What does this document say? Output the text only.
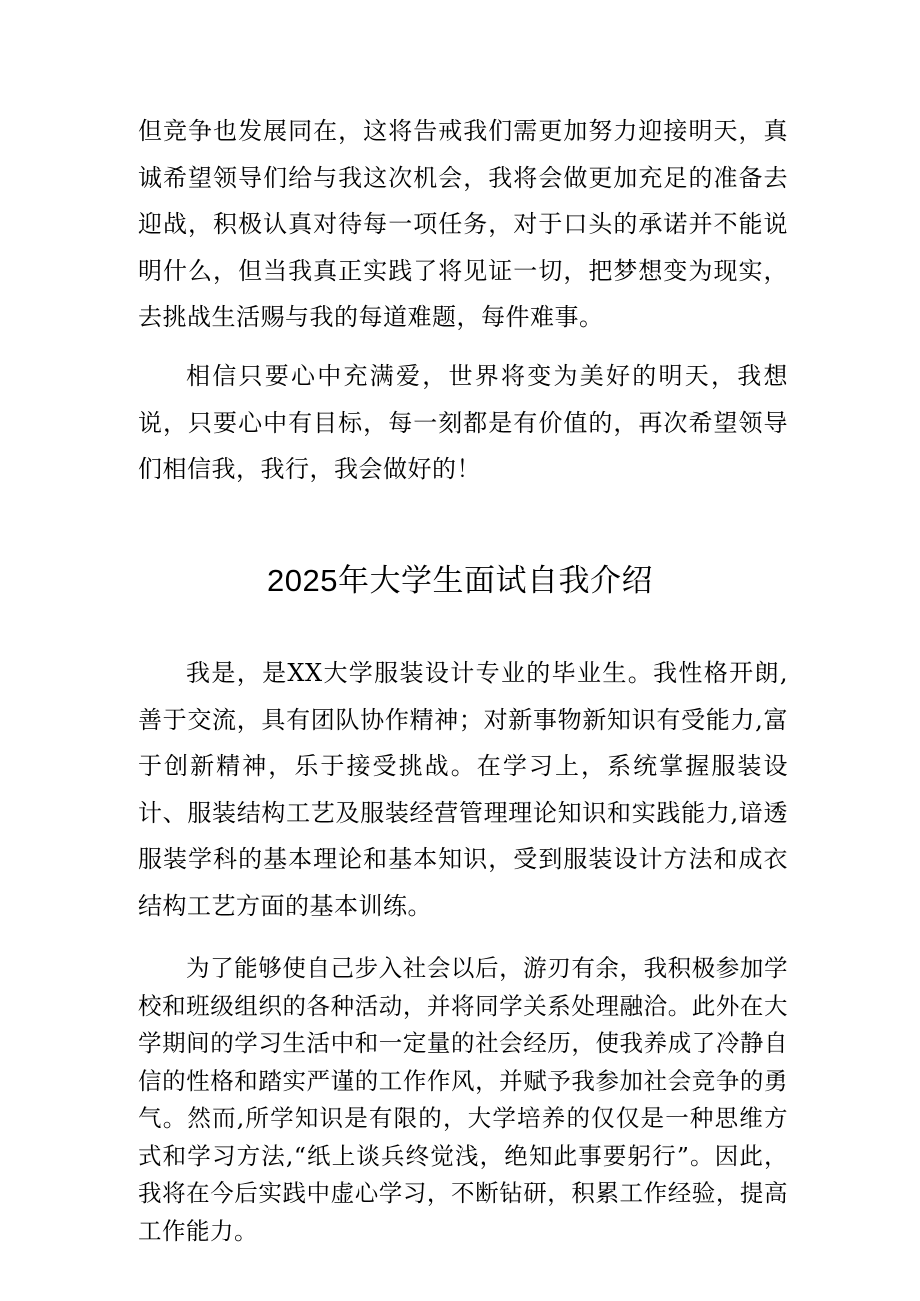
但竞争也发展同在，这将告戒我们需更加努力迎接明天，真诚希望领导们给与我这次机会，我将会做更加充足的准备去迎战，积极认真对待每一项任务，对于口头的承诺并不能说明什么，但当我真正实践了将见证一切，把梦想变为现实，去挑战生活赐与我的每道难题，每件难事。

相信只要心中充满爱，世界将变为美好的明天，我想说，只要心中有目标，每一刻都是有价值的，再次希望领导们相信我，我行，我会做好的！

2025年大学生面试自我介绍

我是，是XX大学服装设计专业的毕业生。我性格开朗,善于交流，具有团队协作精神；对新事物新知识有受能力,富于创新精神，乐于接受挑战。在学习上，系统掌握服装设计、服装结构工艺及服装经营管理理论知识和实践能力,谙透服装学科的基本理论和基本知识，受到服装设计方法和成衣结构工艺方面的基本训练。

为了能够使自己步入社会以后，游刃有余，我积极参加学校和班级组织的各种活动，并将同学关系处理融洽。此外在大学期间的学习生活中和一定量的社会经历，使我养成了冷静自信的性格和踏实严谨的工作作风，并赋予我参加社会竞争的勇气。然而,所学知识是有限的，大学培养的仅仅是一种思维方式和学习方法,“纸上谈兵终觉浅，绝知此事要躬行”。因此，我将在今后实践中虚心学习，不断钻研，积累工作经验，提高工作能力。
